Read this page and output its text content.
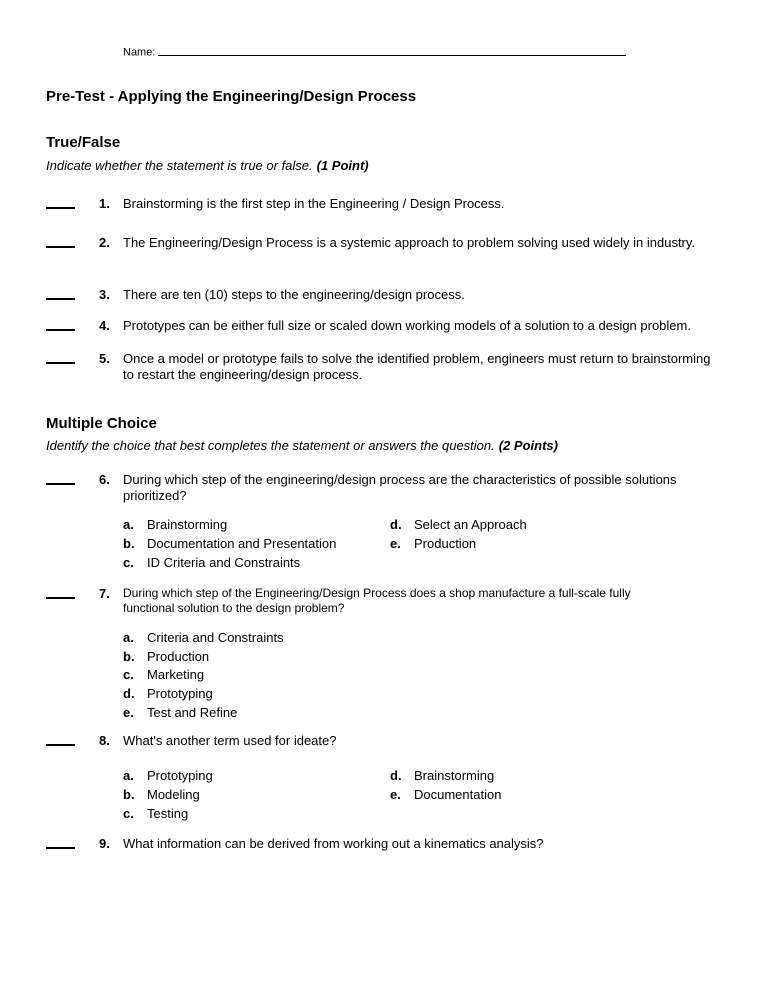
Name:
Pre-Test - Applying the Engineering/Design Process
True/False

Indicate whether the statement is true or false. (1 Point)

1.	Brainstorming is the first step in the Engineering / Design Process.
2.	The Engineering/Design Process is a systemic approach to problem solving used widely in industry.
3.	There are ten (10) steps to the engineering/design process.
4.	Prototypes can be either full size or scaled down working models of a solution to a design problem.
5.	Once a model or prototype fails to solve the identified problem, engineers must return to brainstorming to restart the engineering/design process.
Multiple Choice

Identify the choice that best completes the statement or answers the question. (2 Points)

6.	During which step of the engineering/design process are the characteristics of possible solutions prioritized?
a.	Brainstorming
b. Documentation and Presentation
c.	ID Criteria and Constraints
d. Select an Approach
e.	Production
7.	During which step of the Engineering/Design Process does a shop manufacture a full-scale fully functional solution to the design problem?
a.	Criteria and Constraints
b. Production
c.	Marketing
d. Prototyping
e.	Test and Refine
8.	What's another term used for ideate?
a.	Prototyping
b. Modeling
c.	Testing
d. Brainstorming
e.	Documentation
9.	What information can be derived from working out a kinematics analysis?
